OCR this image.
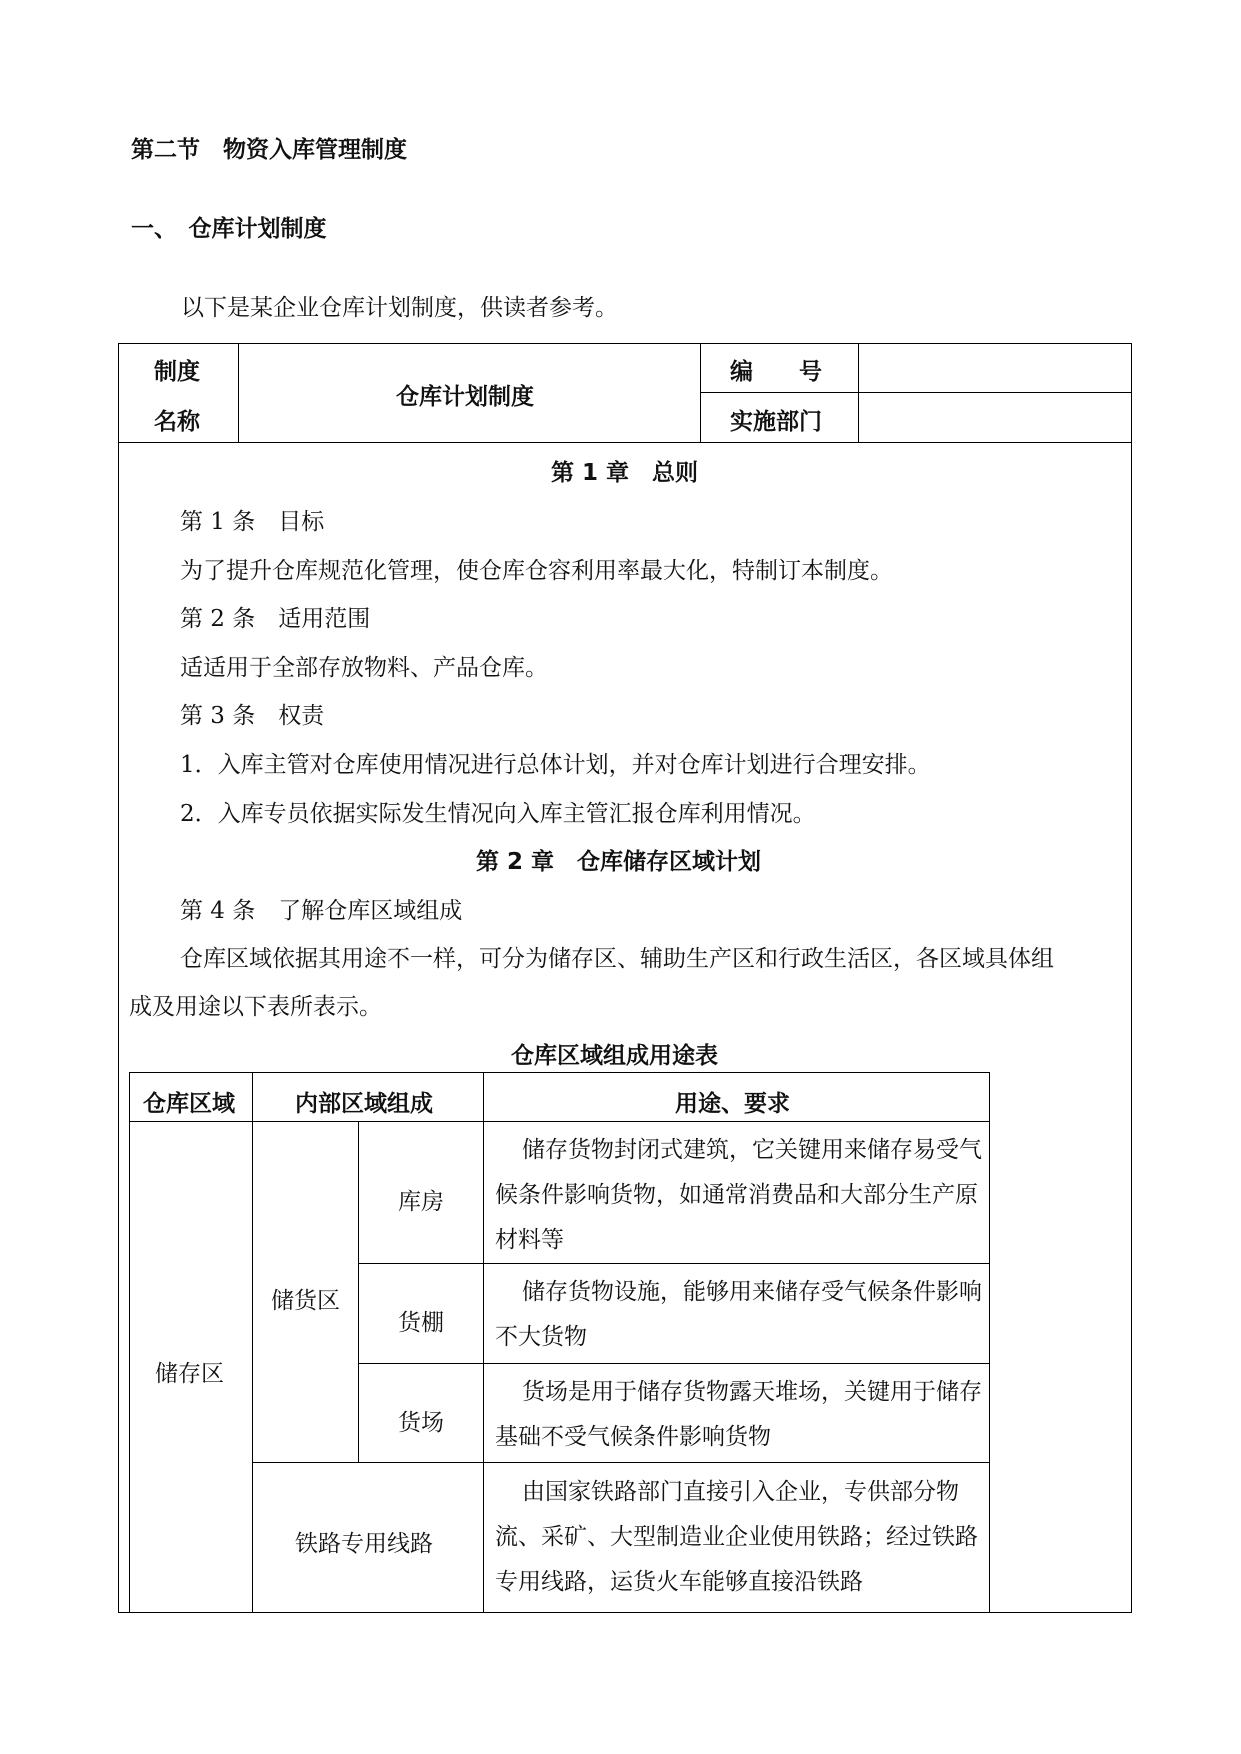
第二节　物资入库管理制度
一、　仓库计划制度
以下是某企业仓库计划制度，供读者参考。
制度
名称
仓库计划制度
编　　号
实施部门
第 1 章　总则
第 1 条　目标
为了提升仓库规范化管理，使仓库仓容利用率最大化，特制订本制度。
第 2 条　适用范围
适适用于全部存放物料、产品仓库。
第 3 条　权责
1．入库主管对仓库使用情况进行总体计划，并对仓库计划进行合理安排。
2．入库专员依据实际发生情况向入库主管汇报仓库利用情况。
第 2 章　仓库储存区域计划
第 4 条　了解仓库区域组成
仓库区域依据其用途不一样，可分为储存区、辅助生产区和行政生活区，各区域具体组
成及用途以下表所表示。
仓库区域组成用途表
仓库区域	内部区域组成	用途、要求
储存区
储货区
库房
储存货物封闭式建筑，它关键用来储存易受气候条件影响货物，如通常消费品和大部分生产原材料等
货棚
储存货物设施，能够用来储存受气候条件影响不大货物
货场
货场是用于储存货物露天堆场，关键用于储存基础不受气候条件影响货物
铁路专用线路
由国家铁路部门直接引入企业，专供部分物流、采矿、大型制造业企业使用铁路；经过铁路专用线路，运货火车能够直接沿铁路
